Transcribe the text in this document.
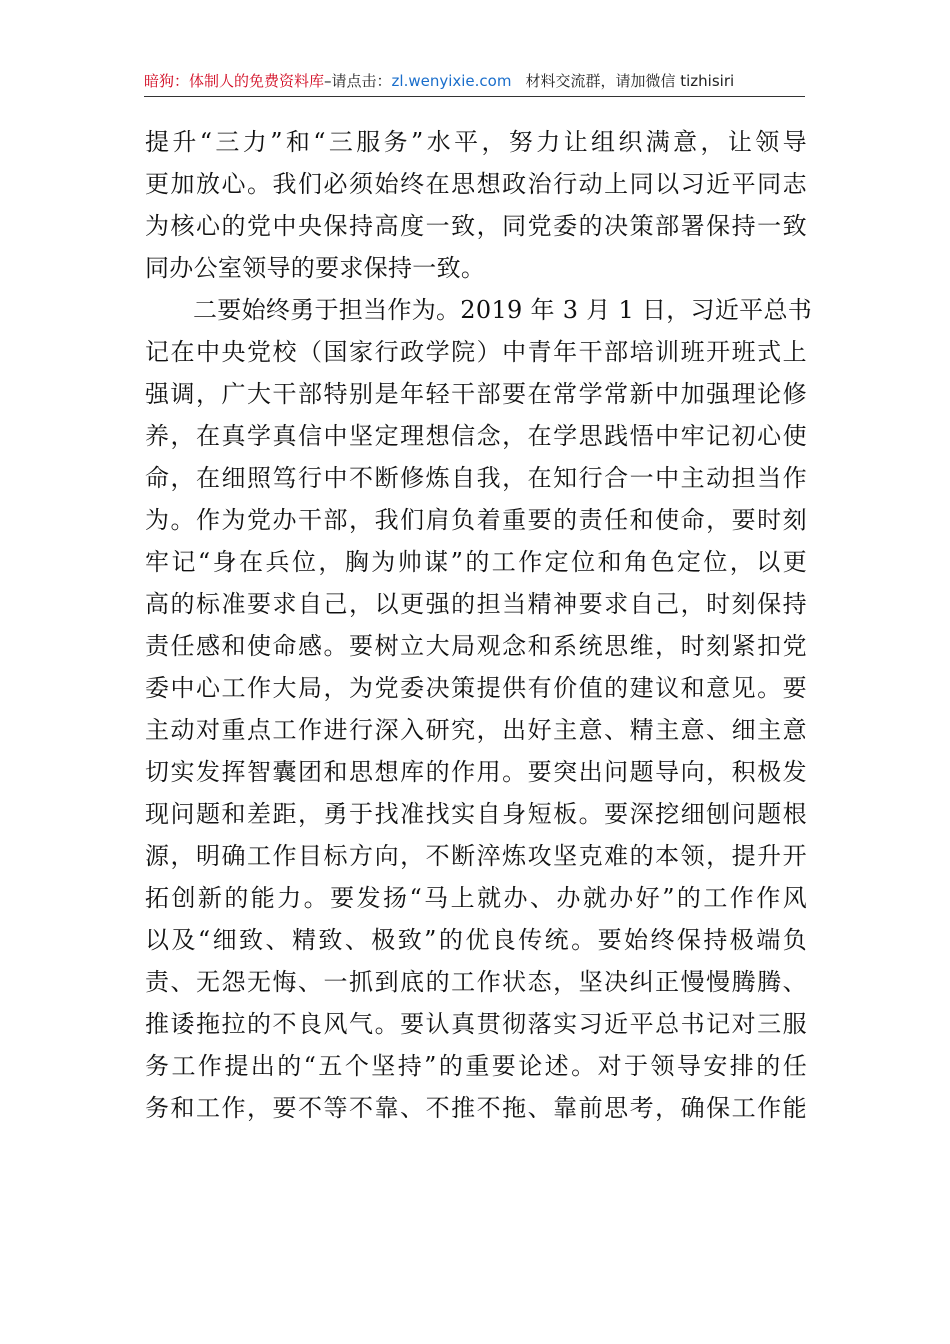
暗狗：体制人的免费资料库–请点击：zl.wenyixie.com 材料交流群，请加微信 tizhisiri
提升“三力”和“三服务”水平，努力让组织满意，让领导
更加放心。我们必须始终在思想政治行动上同以习近平同志
为核心的党中央保持高度一致，同党委的决策部署保持一致
同办公室领导的要求保持一致。
二要始终勇于担当作为。2019 年 3 月 1 日，习近平总书
记在中央党校（国家行政学院）中青年干部培训班开班式上
强调，广大干部特别是年轻干部要在常学常新中加强理论修
养，在真学真信中坚定理想信念，在学思践悟中牢记初心使
命，在细照笃行中不断修炼自我，在知行合一中主动担当作
为。作为党办干部，我们肩负着重要的责任和使命，要时刻
牢记“身在兵位，胸为帅谋”的工作定位和角色定位，以更
高的标准要求自己，以更强的担当精神要求自己，时刻保持
责任感和使命感。要树立大局观念和系统思维，时刻紧扣党
委中心工作大局，为党委决策提供有价值的建议和意见。要
主动对重点工作进行深入研究，出好主意、精主意、细主意
切实发挥智囊团和思想库的作用。要突出问题导向，积极发
现问题和差距，勇于找准找实自身短板。要深挖细刨问题根
源，明确工作目标方向，不断淬炼攻坚克难的本领，提升开
拓创新的能力。要发扬“马上就办、办就办好”的工作作风
以及“细致、精致、极致”的优良传统。要始终保持极端负
责、无怨无悔、一抓到底的工作状态，坚决纠正慢慢腾腾、
推诿拖拉的不良风气。要认真贯彻落实习近平总书记对三服
务工作提出的“五个坚持”的重要论述。对于领导安排的任
务和工作，要不等不靠、不推不拖、靠前思考，确保工作能
